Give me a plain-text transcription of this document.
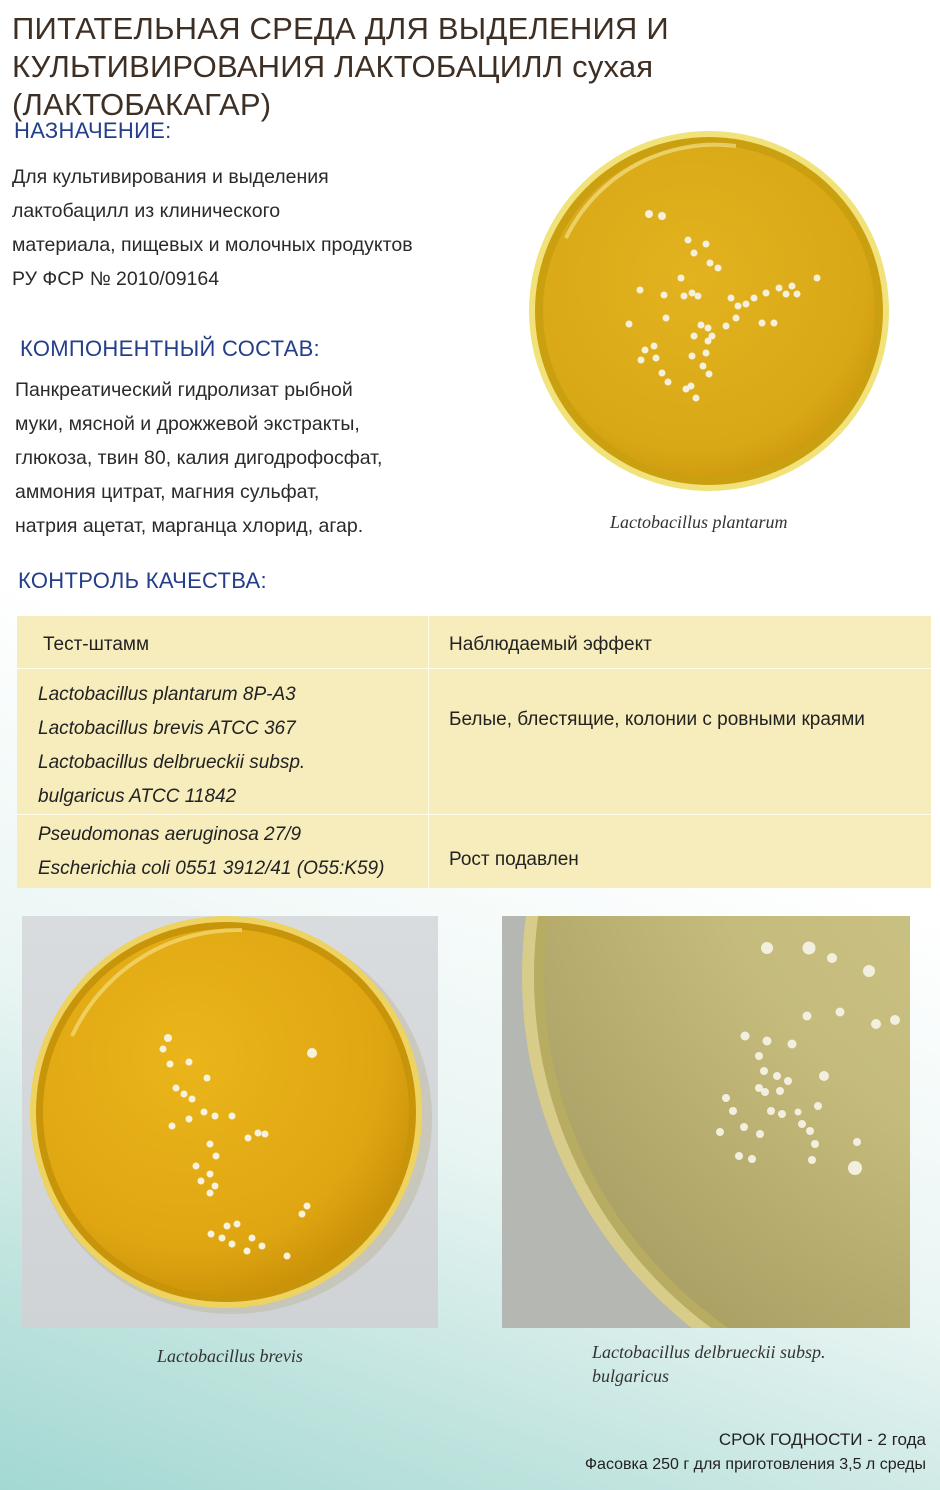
ПИТАТЕЛЬНАЯ СРЕДА ДЛЯ ВЫДЕЛЕНИЯ И
КУЛЬТИВИРОВАНИЯ ЛАКТОБАЦИЛЛ сухая (ЛАКТОБАКАГАР)
НАЗНАЧЕНИЕ:
Для культивирования и выделения
лактобацилл из клинического
материала, пищевых и молочных продуктов
РУ ФСР № 2010/09164
КОМПОНЕНТНЫЙ СОСТАВ:
Панкреатический гидролизат рыбной
муки, мясной и дрожжевой экстракты,
глюкоза, твин 80, калия дигодрофосфат,
аммония цитрат, магния сульфат,
натрия ацетат, марганца хлорид, агар.	Lactobacillus plantarum
КОНТРОЛЬ КАЧЕСТВА:
Тест-штамм	Наблюдаемый эффект

Lactobacillus plantarum 8P-A3
Lactobacillus brevis ATCC 367
Lactobacillus delbrueckii subsp.
bulgaricus ATCC 11842	Белые, блестящие, колонии с ровными краями

Pseudomonas aeruginosa 27/9
Escherichia coli 0551 3912/41 (O55:K59)	Рост подавлен
Lactobacillus brevis	Lactobacillus delbrueckii subsp.
bulgaricus
СРОК ГОДНОСТИ - 2 года
Фасовка 250 г для приготовления 3,5 л среды
